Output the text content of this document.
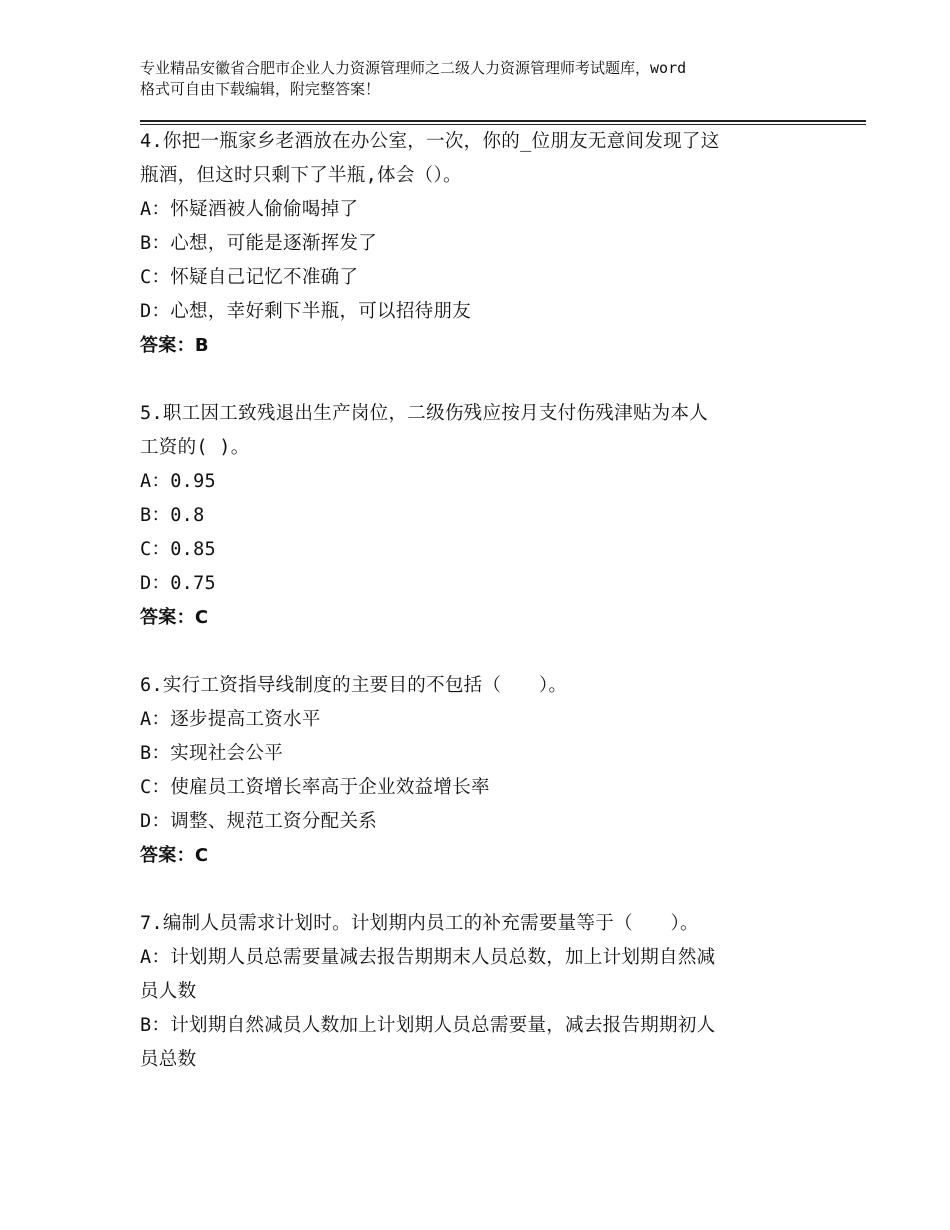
专业精品安徽省合肥市企业人力资源管理师之二级人力资源管理师考试题库，word
格式可自由下载编辑，附完整答案！
4.你把一瓶家乡老酒放在办公室，一次，你的_位朋友无意间发现了这
瓶酒，但这时只剩下了半瓶,体会（）。
A：怀疑酒被人偷偷喝掉了
B：心想，可能是逐渐挥发了
C：怀疑自己记忆不准确了
D：心想，幸好剩下半瓶，可以招待朋友
答案：B
5.职工因工致残退出生产岗位，二级伤残应按月支付伤残津贴为本人
工资的( )。
A：0.95
B：0.8
C：0.85
D：0.75
答案：C
6.实行工资指导线制度的主要目的不包括（　　）。
A：逐步提高工资水平
B：实现社会公平
C：使雇员工资增长率高于企业效益增长率
D：调整、规范工资分配关系
答案：C
7.编制人员需求计划时。计划期内员工的补充需要量等于（　　）。
A：计划期人员总需要量减去报告期期末人员总数，加上计划期自然减
员人数
B：计划期自然减员人数加上计划期人员总需要量，减去报告期期初人
员总数
